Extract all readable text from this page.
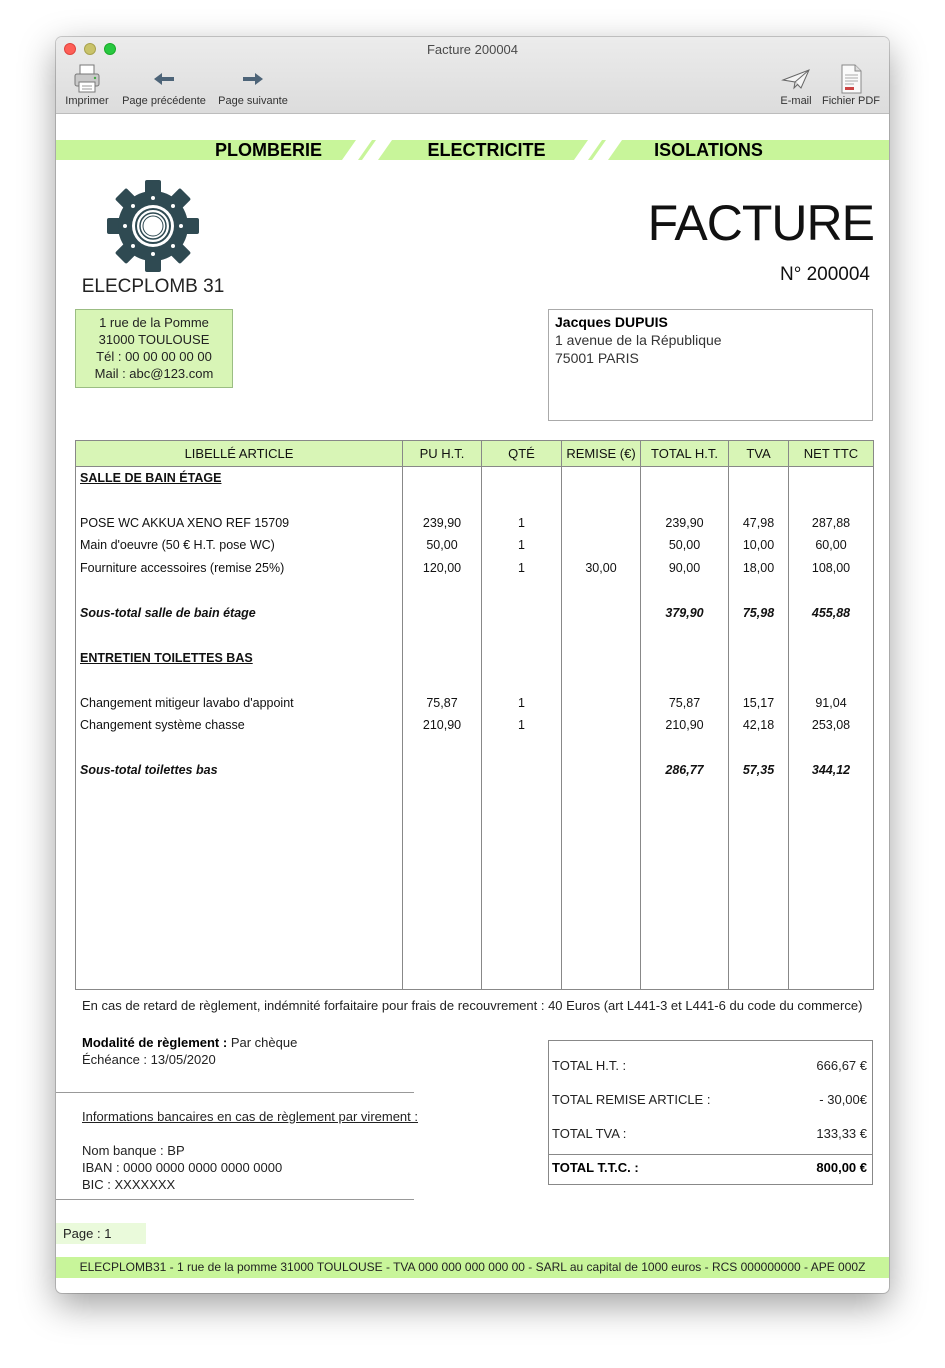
Facture 200004
Imprimer	Page précédente	Page suivante	E-mail Fichier PDF
PLOMBERIE	ELECTRICITE	ISOLATIONS
ELECPLOMB 31
1 rue de la Pomme
31000 TOULOUSE
Tél : 00 00 00 00 00
Mail : abc@123.com
FACTURE
N° 200004
Jacques DUPUIS
1 avenue de la République
75001 PARIS
LIBELLÉ ARTICLE	PU H.T.	QTÉ	REMISE (€)	TOTAL H.T.	TVA	NET TTC
SALLE DE BAIN ÉTAGE						

POSE WC AKKUA XENO REF 15709	239,90	1		239,90	47,98	287,88
Main d'oeuvre (50 € H.T. pose WC)	50,00	1		50,00	10,00	60,00
Fourniture accessoires (remise 25%)	120,00	1	30,00	90,00	18,00	108,00

Sous-total salle de bain étage				379,90	75,98	455,88

ENTRETIEN TOILETTES BAS						

Changement mitigeur lavabo d'appoint	75,87	1		75,87	15,17	91,04
Changement système chasse	210,90	1		210,90	42,18	253,08

Sous-total toilettes bas				286,77	57,35	344,12

En cas de retard de règlement, indémnité forfaitaire pour frais de recouvrement : 40 Euros (art L441-3 et L441-6 du code du commerce)
Modalité de règlement : Par chèque
Échéance : 13/05/2020
Informations bancaires en cas de règlement par virement :
Nom banque : BP
IBAN : 0000 0000 0000 0000 0000
BIC : XXXXXXX
TOTAL H.T. :	666,67 €
TOTAL REMISE ARTICLE :	- 30,00€
TOTAL TVA :	133,33 €
TOTAL T.T.C. :	800,00 €
Page : 1
ELECPLOMB31 - 1 rue de la pomme 31000 TOULOUSE - TVA 000 000 000 000 00 - SARL au capital de 1000 euros - RCS 000000000 - APE 000Z
